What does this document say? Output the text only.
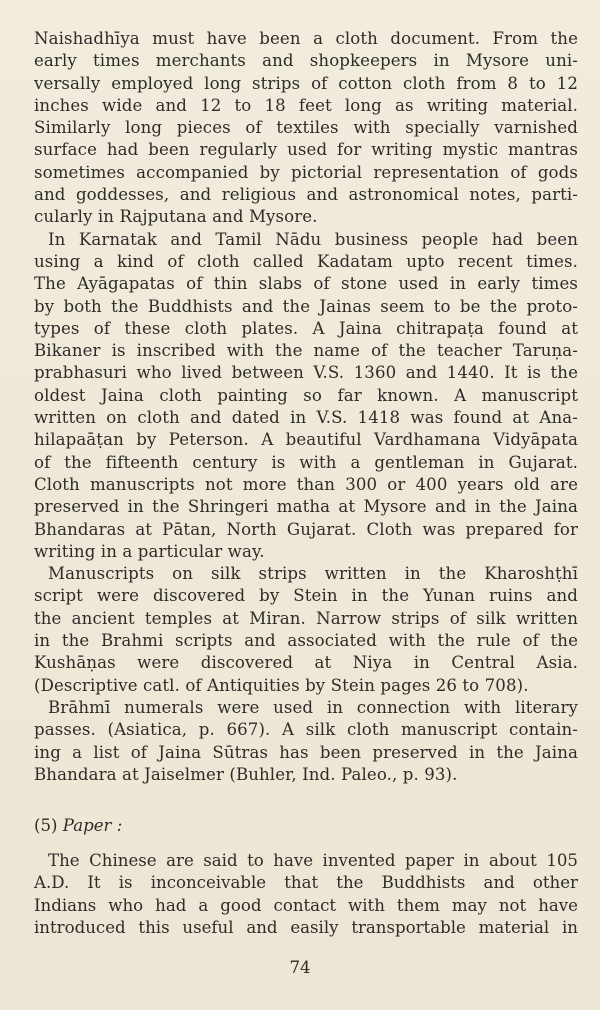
Naishadhīya must have been a cloth document. From the
early times merchants and shopkeepers in Mysore uni-
versally employed long strips of cotton cloth from 8 to 12
inches wide and 12 to 18 feet long as writing material.
Similarly long pieces of textiles with specially varnished
surface had been regularly used for writing mystic mantras
sometimes accompanied by pictorial representation of gods
and goddesses, and religious and astronomical notes, parti-
cularly in Rajputana and Mysore.

In Karnatak and Tamil Nādu business people had been
using a kind of cloth called Kadatam upto recent times.
The Ayāgapatas of thin slabs of stone used in early times
by both the Buddhists and the Jainas seem to be the proto-
types of these cloth plates. A Jaina chitrapaṭa found at
Bikaner is inscribed with the name of the teacher Taruṇa-
prabhasuri who lived between V.S. 1360 and 1440. It is the
oldest Jaina cloth painting so far known. A manuscript
written on cloth and dated in V.S. 1418 was found at Ana-
hilapaāṭan by Peterson. A beautiful Vardhamana Vidyāpata
of the fifteenth century is with a gentleman in Gujarat.
Cloth manuscripts not more than 300 or 400 years old are
preserved in the Shringeri matha at Mysore and in the Jaina
Bhandaras at Pātan, North Gujarat. Cloth was prepared for
writing in a particular way.

Manuscripts on silk strips written in the Kharoshṭhī
script were discovered by Stein in the Yunan ruins and
the ancient temples at Miran. Narrow strips of silk written
in the Brahmi scripts and associated with the rule of the
Kushāṇas were discovered at Niya in Central Asia.
(Descriptive catl. of Antiquities by Stein pages 26 to 708).

Brāhmī numerals were used in connection with literary
passes. (Asiatica, p. 667). A silk cloth manuscript contain-
ing a list of Jaina Sūtras has been preserved in the Jaina
Bhandara at Jaiselmer (Buhler, Ind. Paleo., p. 93).

(5) Paper :

The Chinese are said to have invented paper in about 105
A.D. It is inconceivable that the Buddhists and other
Indians who had a good contact with them may not have
introduced this useful and easily transportable material in

74
